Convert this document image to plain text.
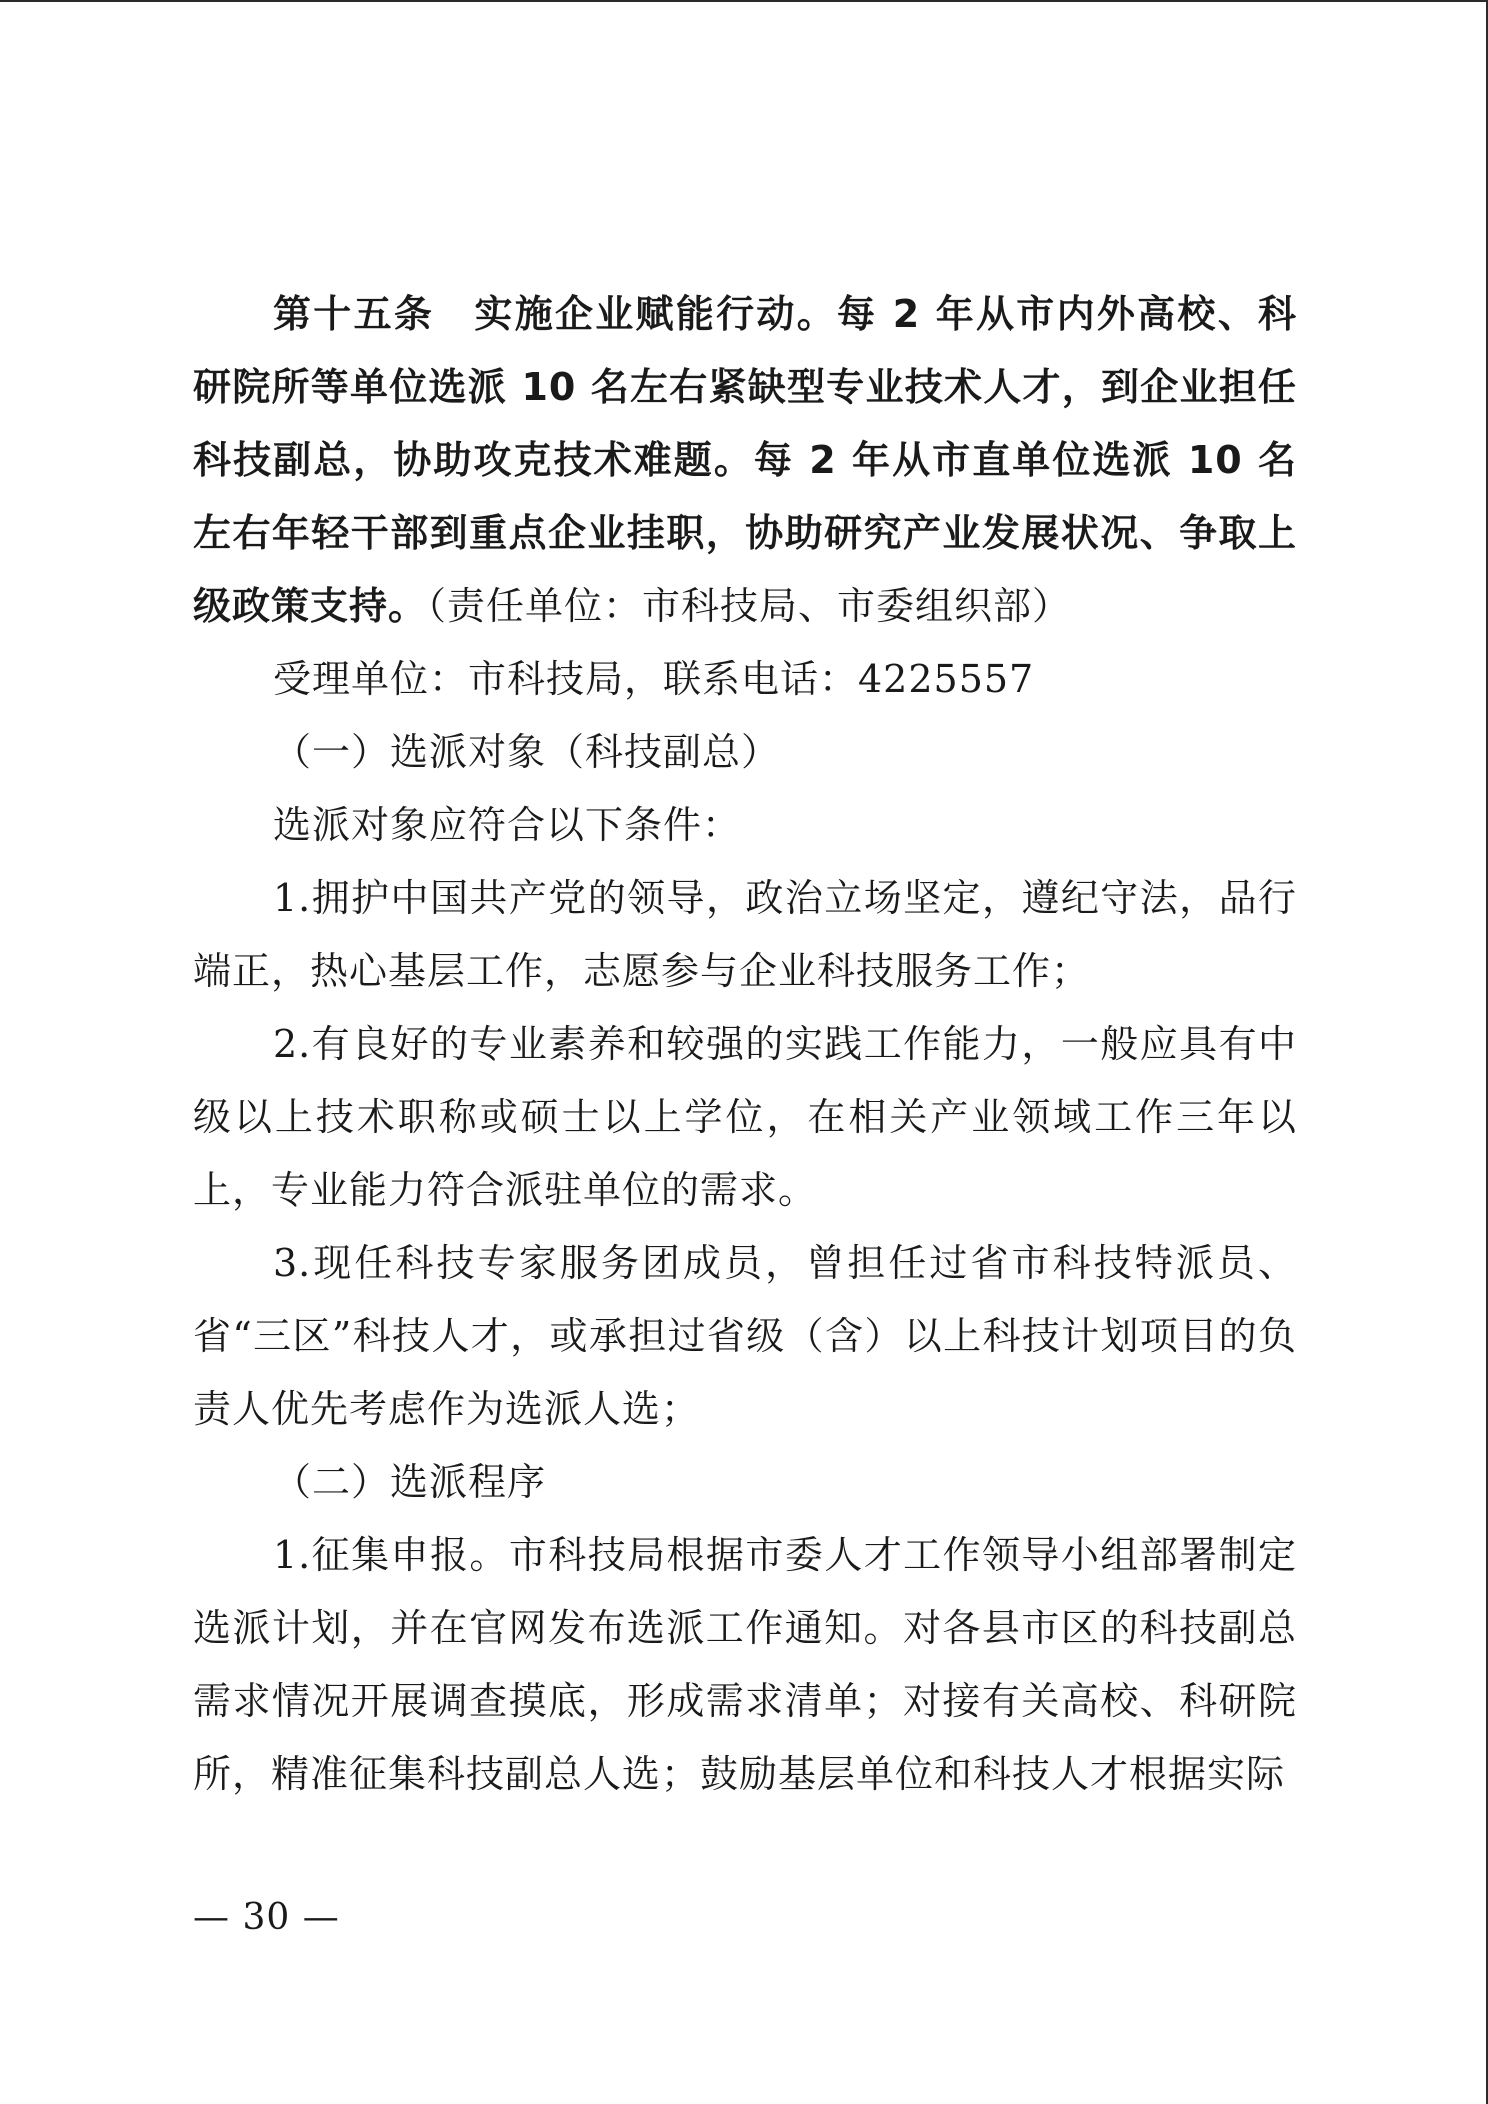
第十五条　实施企业赋能行动。每 2 年从市内外高校、科研院所等单位选派 10 名左右紧缺型专业技术人才，到企业担任科技副总，协助攻克技术难题。每 2 年从市直单位选派 10 名左右年轻干部到重点企业挂职，协助研究产业发展状况、争取上级政策支持。（责任单位：市科技局、市委组织部）

受理单位：市科技局，联系电话：4225557

（一）选派对象（科技副总）

选派对象应符合以下条件：

1.拥护中国共产党的领导，政治立场坚定，遵纪守法，品行端正，热心基层工作，志愿参与企业科技服务工作；

2.有良好的专业素养和较强的实践工作能力，一般应具有中级以上技术职称或硕士以上学位，在相关产业领域工作三年以上，专业能力符合派驻单位的需求。

3.现任科技专家服务团成员，曾担任过省市科技特派员、省“三区”科技人才，或承担过省级（含）以上科技计划项目的负责人优先考虑作为选派人选；

（二）选派程序

1.征集申报。市科技局根据市委人才工作领导小组部署制定选派计划，并在官网发布选派工作通知。对各县市区的科技副总需求情况开展调查摸底，形成需求清单；对接有关高校、科研院所，精准征集科技副总人选；鼓励基层单位和科技人才根据实际

— 30 —
